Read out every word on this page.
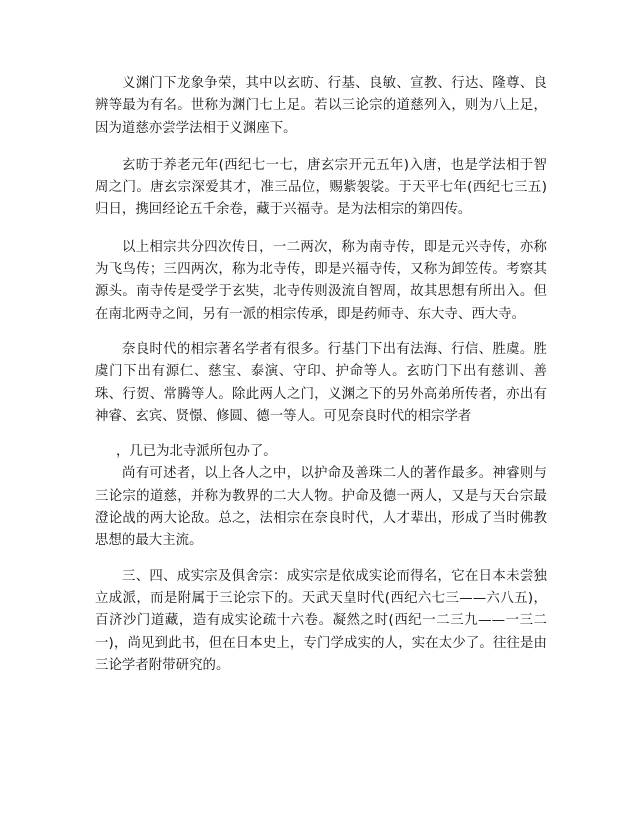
义渊门下龙象争荣，其中以玄昉、行基、良敏、宣教、行达、隆尊、良辨等最为有名。世称为渊门七上足。若以三论宗的道慈列入，则为八上足，因为道慈亦尝学法相于义渊座下。

玄昉于养老元年(西纪七一七，唐玄宗开元五年)入唐，也是学法相于智周之门。唐玄宗深爱其才，准三品位，赐紫袈裟。于天平七年(西纪七三五)归日，携回经论五千余卷，藏于兴福寺。是为法相宗的第四传。

以上相宗共分四次传日，一二两次，称为南寺传，即是元兴寺传，亦称为飞鸟传；三四两次，称为北寺传，即是兴福寺传，又称为卸笠传。考察其源头。南寺传是受学于玄奘，北寺传则汲流自智周，故其思想有所出入。但在南北两寺之间，另有一派的相宗传承，即是药师寺、东大寺、西大寺。

奈良时代的相宗著名学者有很多。行基门下出有法海、行信、胜虞。胜虞门下出有源仁、慈宝、泰演、守印、护命等人。玄昉门下出有慈训、善珠、行贺、常腾等人。除此两人之门，义渊之下的另外高弟所传者，亦出有神睿、玄宾、贤憬、修圆、德一等人。可见奈良时代的相宗学者

，几已为北寺派所包办了。

尚有可述者，以上各人之中，以护命及善珠二人的著作最多。神睿则与三论宗的道慈，并称为教界的二大人物。护命及德一两人，又是与天台宗最澄论战的两大论敌。总之，法相宗在奈良时代，人才辈出，形成了当时佛教思想的最大主流。

三、四、成实宗及俱舍宗：成实宗是依成实论而得名，它在日本未尝独立成派，而是附属于三论宗下的。天武天皇时代(西纪六七三——六八五)，百济沙门道藏，造有成实论疏十六卷。凝然之时(西纪一二三九——一三二一)，尚见到此书，但在日本史上，专门学成实的人，实在太少了。往往是由三论学者附带研究的。
